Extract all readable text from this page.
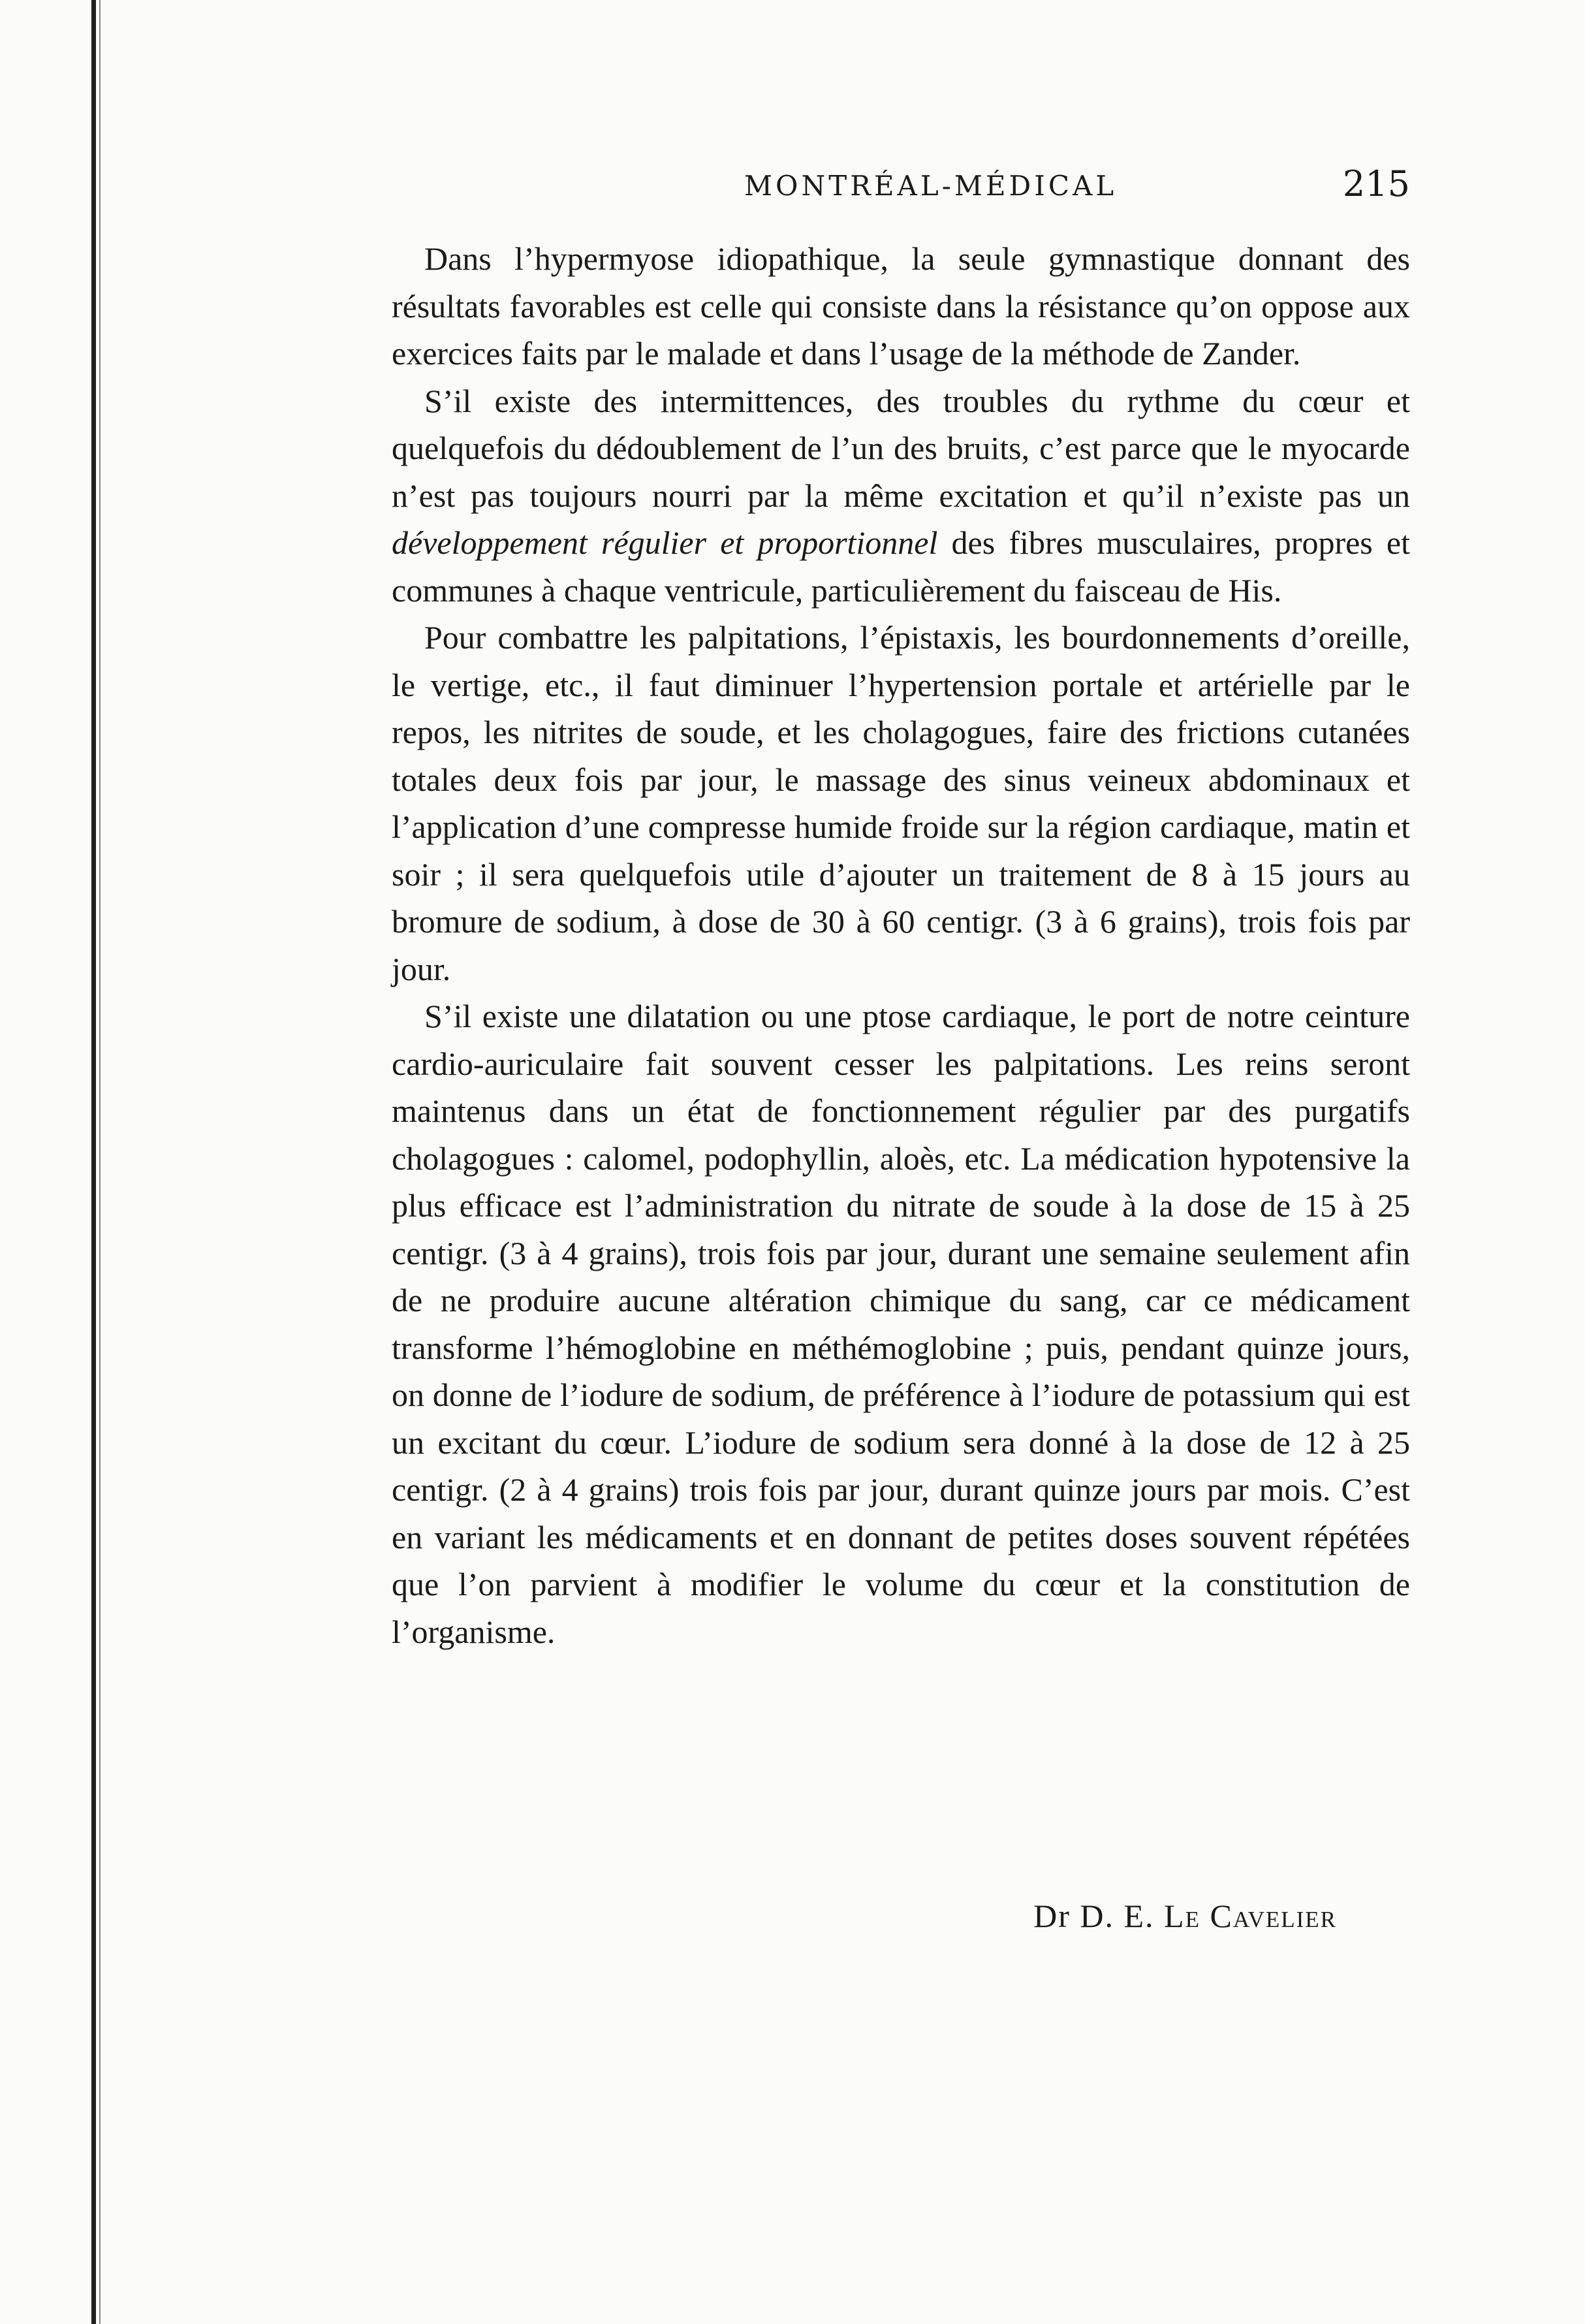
MONTRÉAL-MÉDICAL	215

Dans l’hypermyose idiopathique, la seule gymnastique donnant des résultats favorables est celle qui consiste dans la résistance qu’on oppose aux exercices faits par le malade et dans l’usage de la méthode de Zander.

S’il existe des intermittences, des troubles du rythme du cœur et quelquefois du dédoublement de l’un des bruits, c’est parce que le myocarde n’est pas toujours nourri par la même excitation et qu’il n’existe pas un développement régulier et proportionnel des fibres musculaires, propres et communes à chaque ventricule, particulièrement du faisceau de His.

Pour combattre les palpitations, l’épistaxis, les bourdonnements d’oreille, le vertige, etc., il faut diminuer l’hypertension portale et artérielle par le repos, les nitrites de soude, et les cholagogues, faire des frictions cutanées totales deux fois par jour, le massage des sinus veineux abdominaux et l’application d’une compresse humide froide sur la région cardiaque, matin et soir ; il sera quelquefois utile d’ajouter un traitement de 8 à 15 jours au bromure de sodium, à dose de 30 à 60 centigr. (3 à 6 grains), trois fois par jour.

S’il existe une dilatation ou une ptose cardiaque, le port de notre ceinture cardio-auriculaire fait souvent cesser les palpitations. Les reins seront maintenus dans un état de fonctionnement régulier par des purgatifs cholagogues : calomel, podophyllin, aloès, etc. La médication hypotensive la plus efficace est l’administration du nitrate de soude à la dose de 15 à 25 centigr. (3 à 4 grains), trois fois par jour, durant une semaine seulement afin de ne produire aucune altération chimique du sang, car ce médicament transforme l’hémoglobine en méthémoglobine ; puis, pendant quinze jours, on donne de l’iodure de sodium, de préférence à l’iodure de potassium qui est un excitant du cœur. L’iodure de sodium sera donné à la dose de 12 à 25 centigr. (2 à 4 grains) trois fois par jour, durant quinze jours par mois. C’est en variant les médicaments et en donnant de petites doses souvent répétées que l’on parvient à modifier le volume du cœur et la constitution de l’organisme.

Dr D. E. Le Cavelier
